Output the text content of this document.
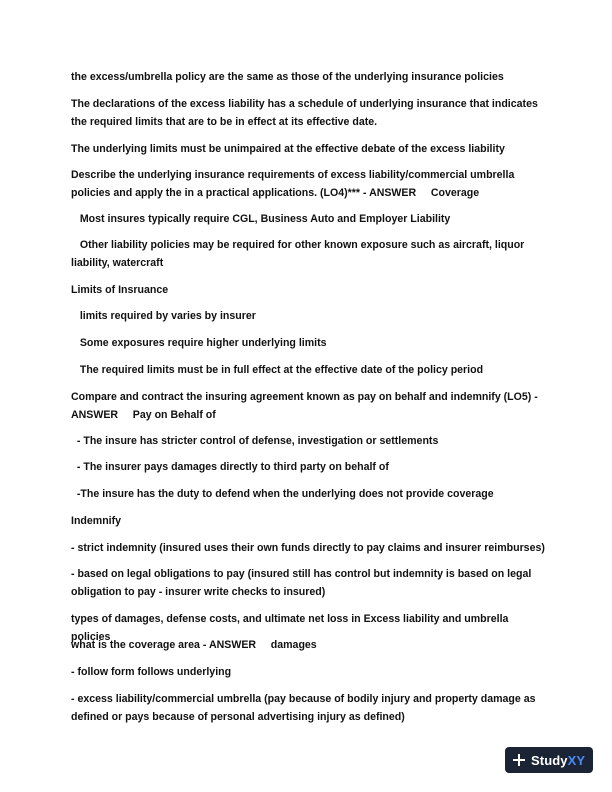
the excess/umbrella policy are the same as those of the underlying insurance policies

The declarations of the excess liability has a schedule of underlying insurance that indicates the required limits that are to be in effect at its effective date.

The underlying limits must be unimpaired at the effective debate of the excess liability

Describe the underlying insurance requirements of excess liability/commercial umbrella policies and apply the in a practical applications. (LO4)*** - ANSWER     Coverage

Most insures typically require CGL, Business Auto and Employer Liability

Other liability policies may be required for other known exposure such as aircraft, liquor liability, watercraft

Limits of Insruance

limits required by varies by insurer

Some exposures require higher underlying limits

The required limits must be in full effect at the effective date of the policy period

Compare and contract the insuring agreement known as pay on behalf and indemnify (LO5) - ANSWER     Pay on Behalf of

- The insure has stricter control of defense, investigation or settlements

- The insurer pays damages directly to third party on behalf of

-The insure has the duty to defend when the underlying does not provide coverage

Indemnify

- strict indemnity (insured uses their own funds directly to pay claims and insurer reimburses)

- based on legal obligations to pay (insured still has control but indemnity is based on legal obligation to pay - insurer write checks to insured)

types of damages, defense costs, and ultimate net loss in Excess liability and umbrella policies

what is the coverage area - ANSWER     damages

- follow form follows underlying

- excess liability/commercial umbrella (pay because of bodily injury and property damage as defined or pays because of personal advertising injury as defined)

StudyXY
